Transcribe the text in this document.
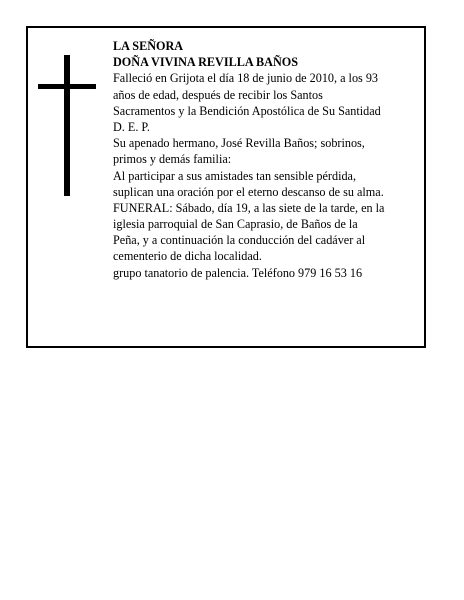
LA SEÑORA
DOÑA VIVINA REVILLA BAÑOS
Falleció en Grijota el día 18 de junio de 2010, a los 93
años de edad, después de recibir los Santos
Sacramentos y la Bendición Apostólica de Su Santidad
D. E. P.
Su apenado hermano, José Revilla Baños; sobrinos,
primos y demás familia:
Al participar a sus amistades tan sensible pérdida,
suplican una oración por el eterno descanso de su alma.
FUNERAL: Sábado, día 19, a las siete de la tarde, en la
iglesia parroquial de San Caprasio, de Baños de la
Peña, y a continuación la conducción del cadáver al
cementerio de dicha localidad.
grupo tanatorio de palencia. Teléfono 979 16 53 16
